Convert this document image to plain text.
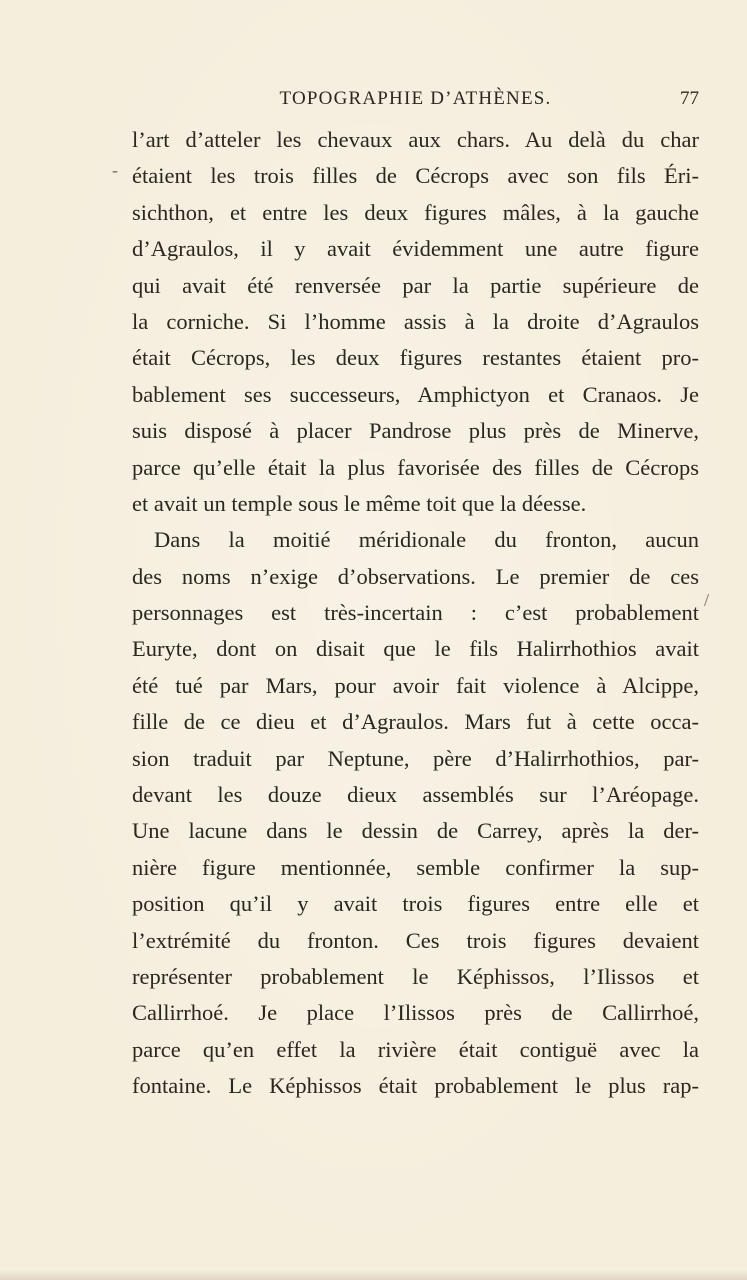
TOPOGRAPHIE D’ATHÈNES.	77
-
/
l’art d’atteler les chevaux aux chars. Au delà du char
étaient les trois filles de Cécrops avec son fils Éri-
sichthon, et entre les deux figures mâles, à la gauche
d’Agraulos, il y avait évidemment une autre figure
qui avait été renversée par la partie supérieure de
la corniche. Si l’homme assis à la droite d’Agraulos
était Cécrops, les deux figures restantes étaient pro-
bablement ses successeurs, Amphictyon et Cranaos. Je
suis disposé à placer Pandrose plus près de Minerve,
parce qu’elle était la plus favorisée des filles de Cécrops
et avait un temple sous le même toit que la déesse.
Dans la moitié méridionale du fronton, aucun
des noms n’exige d’observations. Le premier de ces
personnages est très-incertain : c’est probablement
Euryte, dont on disait que le fils Halirrhothios avait
été tué par Mars, pour avoir fait violence à Alcippe,
fille de ce dieu et d’Agraulos. Mars fut à cette occa-
sion traduit par Neptune, père d’Halirrhothios, par-
devant les douze dieux assemblés sur l’Aréopage.
Une lacune dans le dessin de Carrey, après la der-
nière figure mentionnée, semble confirmer la sup-
position qu’il y avait trois figures entre elle et
l’extrémité du fronton. Ces trois figures devaient
représenter probablement le Képhissos, l’Ilissos et
Callirrhoé. Je place l’Ilissos près de Callirrhoé,
parce qu’en effet la rivière était contiguë avec la
fontaine. Le Képhissos était probablement le plus rap-
